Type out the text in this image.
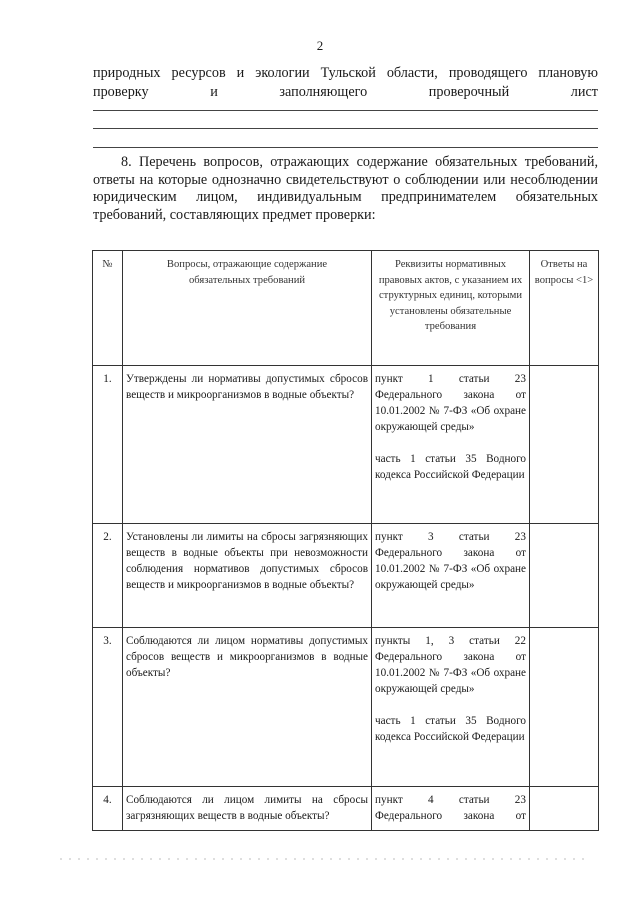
2
природных ресурсов и экологии Тульской области, проводящего плановую
проверку	и	заполняющего	проверочный	лист
8. Перечень вопросов, отражающих содержание обязательных требований, ответы на которые однозначно свидетельствуют о соблюдении или несоблюдении юридическим лицом, индивидуальным предпринимателем обязательных требований, составляющих предмет проверки:
№	Вопросы, отражающие содержание обязательных требований	Реквизиты нормативных правовых актов, с указанием их структурных единиц, которыми установлены обязательные требования	Ответы на вопросы <1>
1.	Утверждены ли нормативы допустимых сбросов веществ и микроорганизмов в водные объекты?	пункт 1 статьи 23 Федерального закона от 10.01.2002 № 7-ФЗ «Об охране окружающей среды»
часть 1 статьи 35 Водного кодекса Российской Федерации	

2.	Установлены ли лимиты на сбросы загрязняющих веществ в водные объекты при невозможности соблюдения нормативов допустимых сбросов веществ и микроорганизмов в водные объекты?	пункт 3 статьи 23 Федерального закона от 10.01.2002 № 7-ФЗ «Об охране окружающей среды»	

3.	Соблюдаются ли лицом нормативы допустимых сбросов веществ и микроорганизмов в водные объекты?	пункты 1, 3 статьи 22 Федерального закона от 10.01.2002 № 7-ФЗ «Об охране окружающей среды»
часть 1 статьи 35 Водного кодекса Российской Федерации	

4.	Соблюдаются ли лицом лимиты на сбросы загрязняющих веществ в водные объекты?	пункт 4 статьи 23 Федерального закона от	
